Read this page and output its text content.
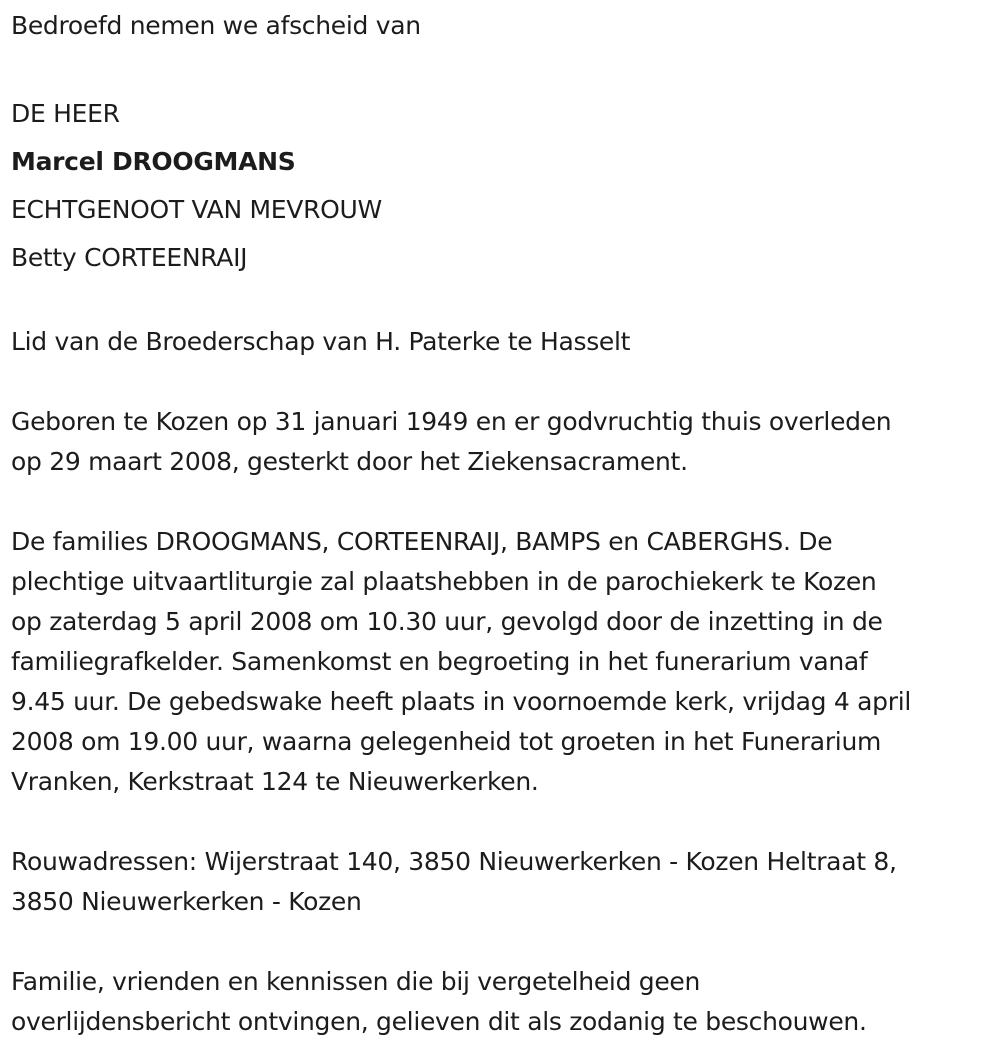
Bedroefd nemen we afscheid van

DE HEER

Marcel DROOGMANS

ECHTGENOOT VAN MEVROUW

Betty CORTEENRAIJ

Lid van de Broederschap van H. Paterke te Hasselt

Geboren te Kozen op 31 januari 1949 en er godvruchtig thuis overleden

op 29 maart 2008, gesterkt door het Ziekensacrament.

De families DROOGMANS, CORTEENRAIJ, BAMPS en CABERGHS. De

plechtige uitvaartliturgie zal plaatshebben in de parochiekerk te Kozen

op zaterdag 5 april 2008 om 10.30 uur, gevolgd door de inzetting in de

familiegrafkelder. Samenkomst en begroeting in het funerarium vanaf

9.45 uur. De gebedswake heeft plaats in voornoemde kerk, vrijdag 4 april

2008 om 19.00 uur, waarna gelegenheid tot groeten in het Funerarium

Vranken, Kerkstraat 124 te Nieuwerkerken.

Rouwadressen: Wijerstraat 140, 3850 Nieuwerkerken - Kozen Heltraat 8,

3850 Nieuwerkerken - Kozen

Familie, vrienden en kennissen die bij vergetelheid geen

overlijdensbericht ontvingen, gelieven dit als zodanig te beschouwen.
